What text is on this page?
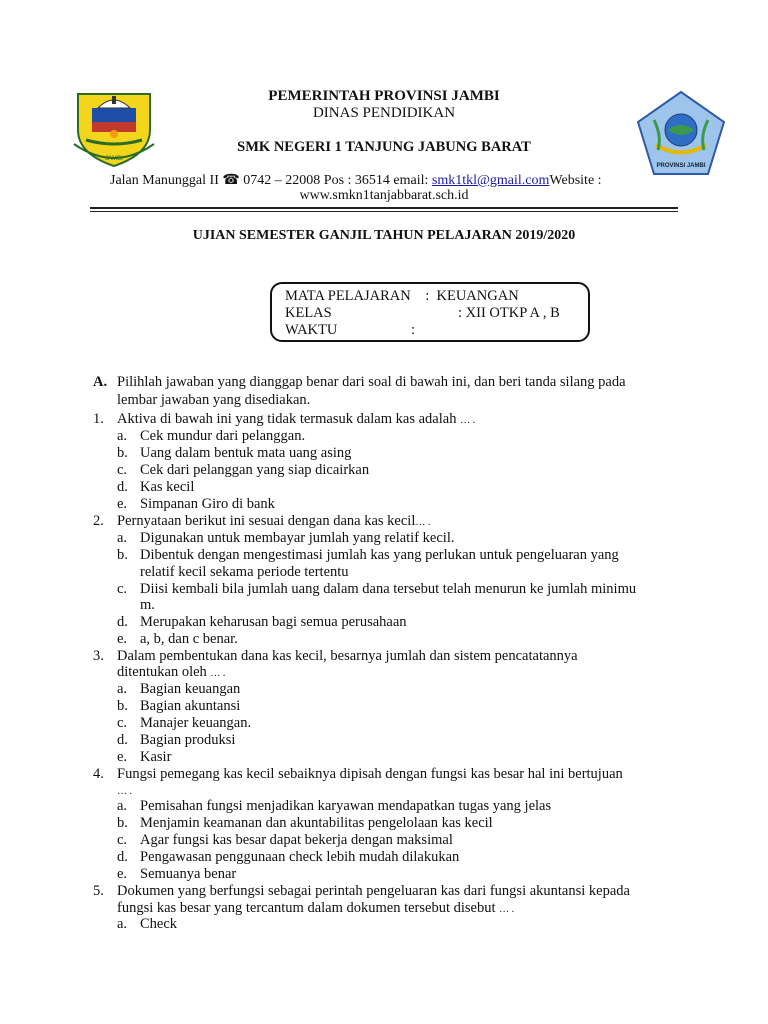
JAMBI
PROVINSI JAMBI
PEMERINTAH PROVINSI JAMBI
DINAS PENDIDIKAN
SMK NEGERI 1 TANJUNG JABUNG BARAT
Jalan Manunggal II ☎ 0742 – 22008 Pos : 36514 email: smk1tkl@gmail.comWebsite :
www.smkn1tanjabbarat.sch.id
UJIAN SEMESTER GANJIL TAHUN PELAJARAN 2019/2020
MATA PELAJARAN    :  KEUANGAN
KELAS	: XII OTKP A , B
WAKTU	:
A. Pilihlah jawaban yang dianggap benar dari soal di bawah ini, dan beri tanda silang pada
lembar jawaban yang disediakan.
1. Aktiva di bawah ini yang tidak termasuk dalam kas adalah … .
a. Cek mundur dari pelanggan.
b. Uang dalam bentuk mata uang asing
c. Cek dari pelanggan yang siap dicairkan
d. Kas kecil
e. Simpanan Giro di bank
2. Pernyataan berikut ini sesuai dengan dana kas kecil… .
a. Digunakan untuk membayar jumlah yang relatif kecil.
b. Dibentuk dengan mengestimasi jumlah kas yang perlukan untuk pengeluaran yang
relatif kecil sekama periode tertentu
c. Diisi kembali bila jumlah uang dalam dana tersebut telah menurun ke jumlah minimu
m.
d. Merupakan keharusan bagi semua perusahaan
e. a, b, dan c benar.
3. Dalam pembentukan dana kas kecil, besarnya jumlah dan sistem pencatatannya
ditentukan oleh … .
a. Bagian keuangan
b. Bagian akuntansi
c. Manajer keuangan.
d. Bagian produksi
e. Kasir
4. Fungsi pemegang kas kecil sebaiknya dipisah dengan fungsi kas besar hal ini bertujuan
… .
a. Pemisahan fungsi menjadikan karyawan mendapatkan tugas yang jelas
b. Menjamin keamanan dan akuntabilitas pengelolaan kas kecil
c. Agar fungsi kas besar dapat bekerja dengan maksimal
d. Pengawasan penggunaan check lebih mudah dilakukan
e. Semuanya benar
5. Dokumen yang berfungsi sebagai perintah pengeluaran kas dari fungsi akuntansi kepada
fungsi kas besar yang tercantum dalam dokumen tersebut disebut … .
a. Check
